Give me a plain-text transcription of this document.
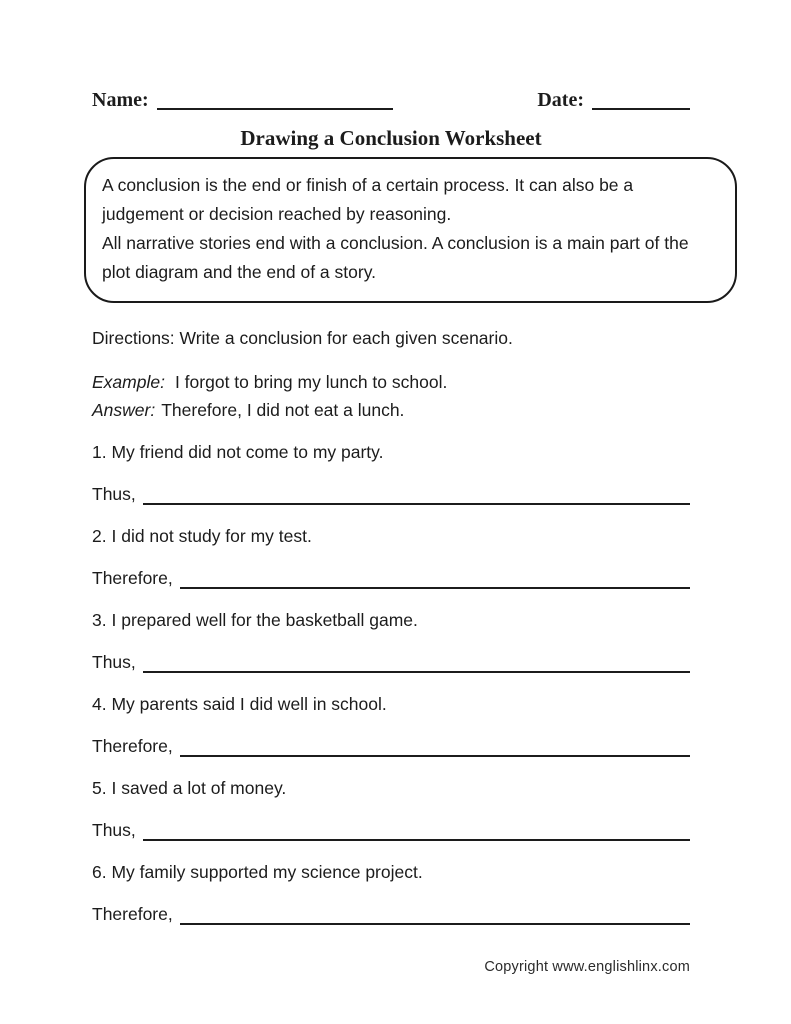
Name:	Date:
Drawing a Conclusion Worksheet

A conclusion is the end or finish of a certain process. It can also be a judgement or decision reached by reasoning.

All narrative stories end with a conclusion. A conclusion is a main part of the plot diagram and the end of a story.

Directions: Write a conclusion for each given scenario.
Example: I forgot to bring my lunch to school.
Answer: Therefore, I did not eat a lunch.
1. My friend did not come to my party.
Thus,
2. I did not study for my test.
Therefore,
3. I prepared well for the basketball game.
Thus,
4. My parents said I did well in school.
Therefore,
5. I saved a lot of money.
Thus,
6. My family supported my science project.
Therefore,
Copyright www.englishlinx.com
